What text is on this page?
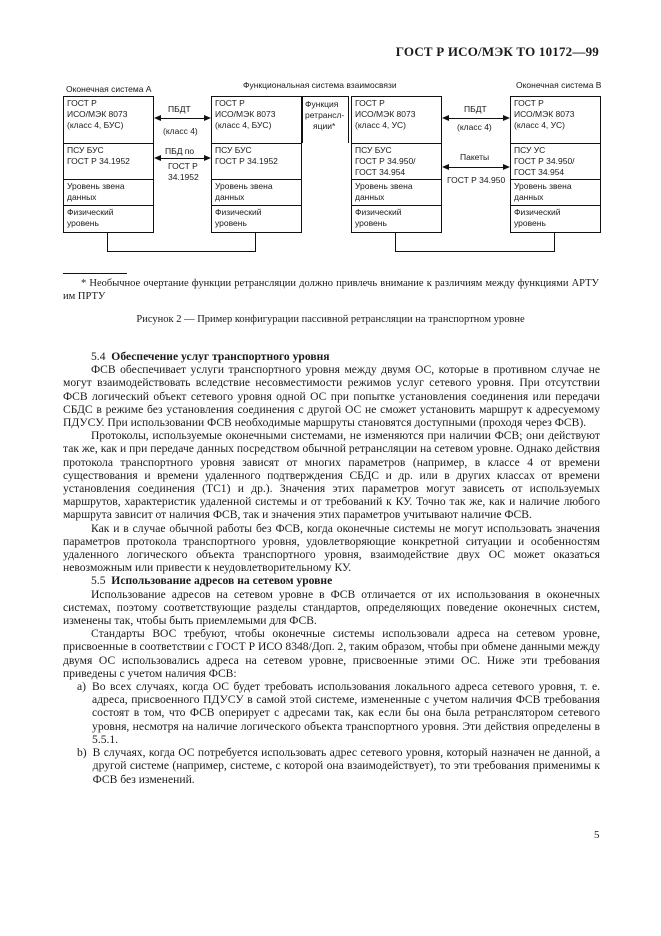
ГОСТ Р ИСО/МЭК ТО 10172—99
Оконечная система А	Функциональная система взаимосвязи	Оконечная система B
ГОСТ Р
ИСО/МЭК 8073
(класс 4, БУС)
ПСУ БУС
ГОСТ Р 34.1952
Уровень звена
данных
Физический
уровень
ГОСТ Р
ИСО/МЭК 8073
(класс 4, БУС)
ПСУ БУС
ГОСТ Р 34.1952
Уровень звена
данных
Физический
уровень
Функция
ретрансл-
яции*
ГОСТ Р
ИСО/МЭК 8073
(класс 4, УС)
ПСУ БУС
ГОСТ Р 34.950/
ГОСТ 34.954
Уровень звена
данных
Физический
уровень
ГОСТ Р
ИСО/МЭК 8073
(класс 4, УС)
ПСУ УС
ГОСТ Р 34.950/
ГОСТ 34.954
Уровень звена
данных
Физический
уровень
ПБДТ
(класс 4)
ПБД по
ГОСТ Р
34.1952
ПБДТ
(класс 4)
Пакеты
ГОСТ Р 34.950
* Необычное очертание функции ретрансляции должно привлечь внимание к различиям между функциями АРТУ им ПРТУ
Рисунок 2 — Пример конфигурации пассивной ретрансляции на транспортном уровне
5.4 Обеспечение услуг транспортного уровня

ФСВ обеспечивает услуги транспортного уровня между двумя ОС, которые в противном случае не могут взаимодействовать вследствие несовместимости режимов услуг сетевого уровня. При отсутствии ФСВ логический объект сетевого уровня одной ОС при попытке установления соединения или передачи СБДС в режиме без установления соединения с другой ОС не сможет установить маршрут к адресуемому ПДУСУ. При использовании ФСВ необходимые маршруты становятся доступными (проходя через ФСВ).

Протоколы, используемые оконечными системами, не изменяются при наличии ФСВ; они действуют так же, как и при передаче данных посредством обычной ретрансляции на сетевом уровне. Однако действия протокола транспортного уровня зависят от многих параметров (например, в классе 4 от времени существования и времени удаленного подтверждения СБДС и др. или в других классах от времени установления соединения (ТС1) и др.). Значения этих параметров могут зависеть от используемых маршрутов, характеристик удаленной системы и от требований к КУ. Точно так же, как и наличие любого маршрута зависит от наличия ФСВ, так и значения этих параметров учитывают наличие ФСВ.

Как и в случае обычной работы без ФСВ, когда оконечные системы не могут использовать значения параметров протокола транспортного уровня, удовлетворяющие конкретной ситуации и особенностям удаленного логического объекта транспортного уровня, взаимодействие двух ОС может оказаться невозможным или привести к неудовлетворительному КУ.

5.5 Использование адресов на сетевом уровне

Использование адресов на сетевом уровне в ФСВ отличается от их использования в оконечных системах, поэтому соответствующие разделы стандартов, определяющих поведение оконечных систем, изменены так, чтобы быть приемлемыми для ФСВ.

Стандарты ВОС требуют, чтобы оконечные системы использовали адреса на сетевом уровне, присвоенные в соответствии с ГОСТ Р ИСО 8348/Доп. 2, таким образом, чтобы при обмене данными между двумя ОС использовались адреса на сетевом уровне, присвоенные этими ОС. Ниже эти требования приведены с учетом наличия ФСВ:

a) Во всех случаях, когда ОС будет требовать использования локального адреса сетевого уровня, т. е. адреса, присвоенного ПДУСУ в самой этой системе, измененные с учетом наличия ФСВ требования состоят в том, что ФСВ оперирует с адресами так, как если бы она была ретранслятором сетевого уровня, несмотря на наличие логического объекта транспортного уровня. Эти действия определены в 5.5.1.
b) В случаях, когда ОС потребуется использовать адрес сетевого уровня, который назначен не данной, а другой системе (например, системе, с которой она взаимодействует), то эти требования применимы к ФСВ без изменений.
5
